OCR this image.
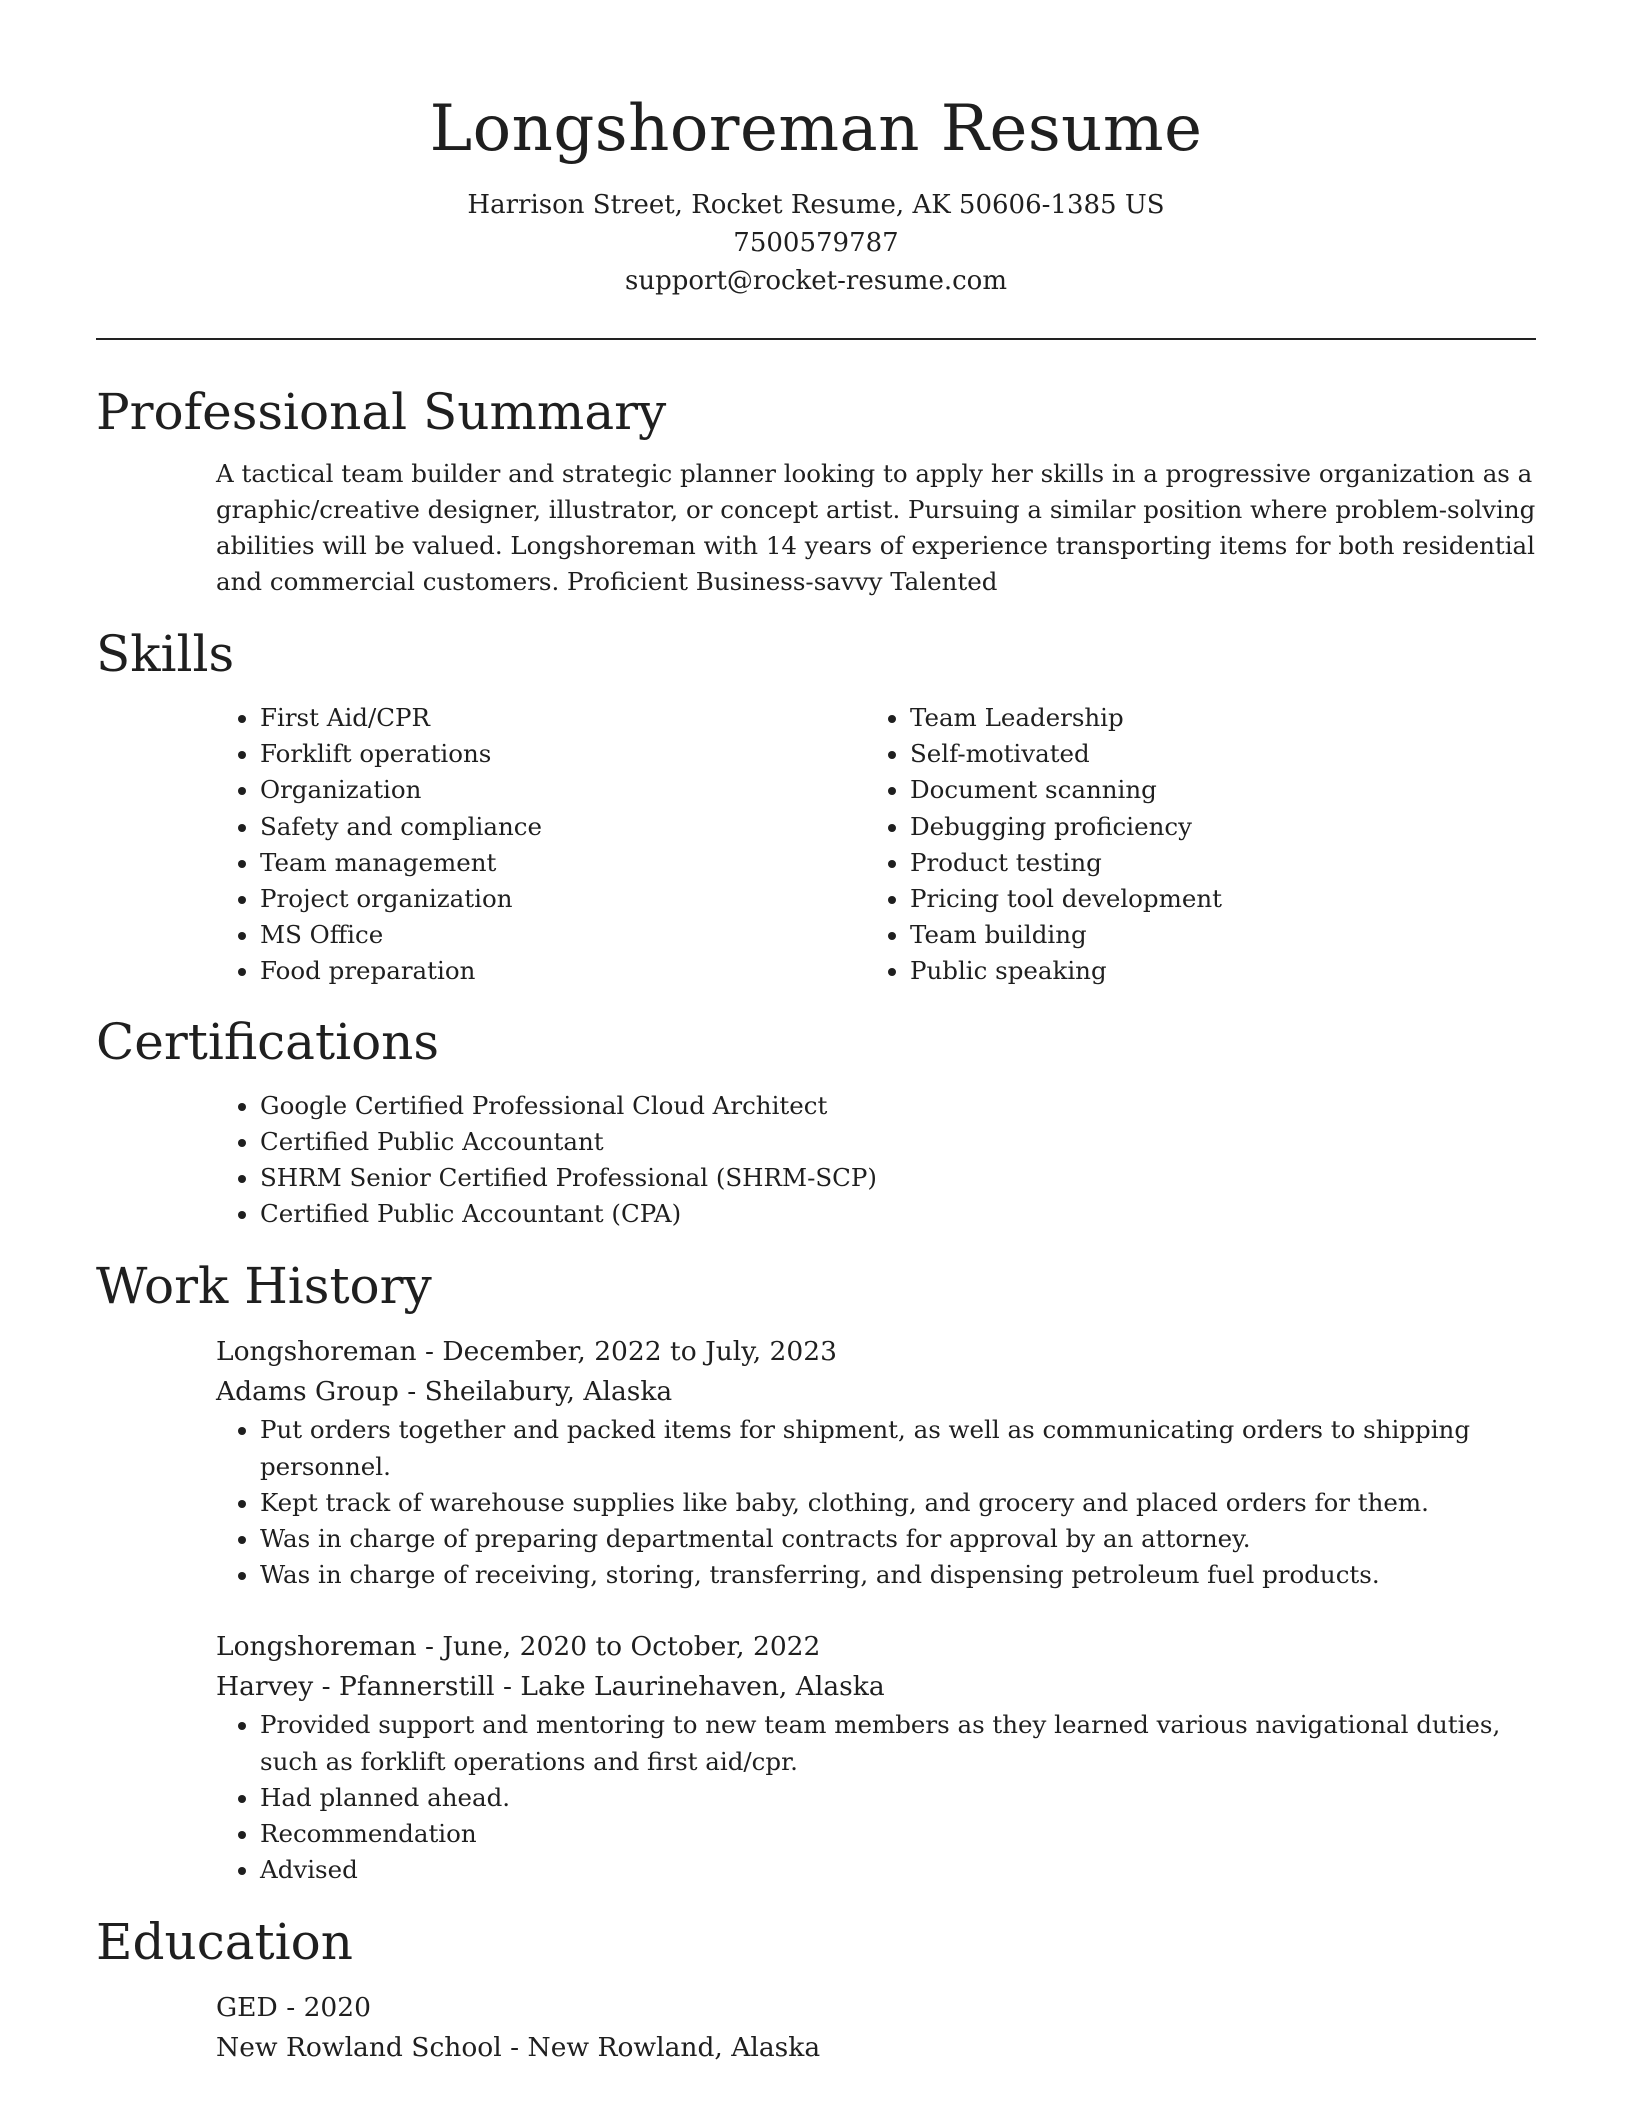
Longshoreman Resume

Harrison Street, Rocket Resume, AK 50606-1385 US

7500579787

support@rocket-resume.com

Professional Summary

A tactical team builder and strategic planner looking to apply her skills in a progressive organization as a graphic/creative designer, illustrator, or concept artist. Pursuing a similar position where problem-solving abilities will be valued. Longshoreman with 14 years of experience transporting items for both residential and commercial customers. Proficient Business-savvy Talented

Skills
• First Aid/CPR
• Forklift operations
• Organization
• Safety and compliance
• Team management
• Project organization
• MS Office
• Food preparation
• Team Leadership
• Self-motivated
• Document scanning
• Debugging proficiency
• Product testing
• Pricing tool development
• Team building
• Public speaking
Certifications
• Google Certified Professional Cloud Architect
• Certified Public Accountant
• SHRM Senior Certified Professional (SHRM-SCP)
• Certified Public Accountant (CPA)
Work History

Longshoreman - December, 2022 to July, 2023

Adams Group - Sheilabury, Alaska

• Put orders together and packed items for shipment, as well as communicating orders to shipping personnel.
• Kept track of warehouse supplies like baby, clothing, and grocery and placed orders for them.
• Was in charge of preparing departmental contracts for approval by an attorney.
• Was in charge of receiving, storing, transferring, and dispensing petroleum fuel products.

Longshoreman - June, 2020 to October, 2022

Harvey - Pfannerstill - Lake Laurinehaven, Alaska

• Provided support and mentoring to new team members as they learned various navigational duties, such as forklift operations and first aid/cpr.
• Had planned ahead.
• Recommendation
• Advised
Education

GED - 2020

New Rowland School - New Rowland, Alaska
